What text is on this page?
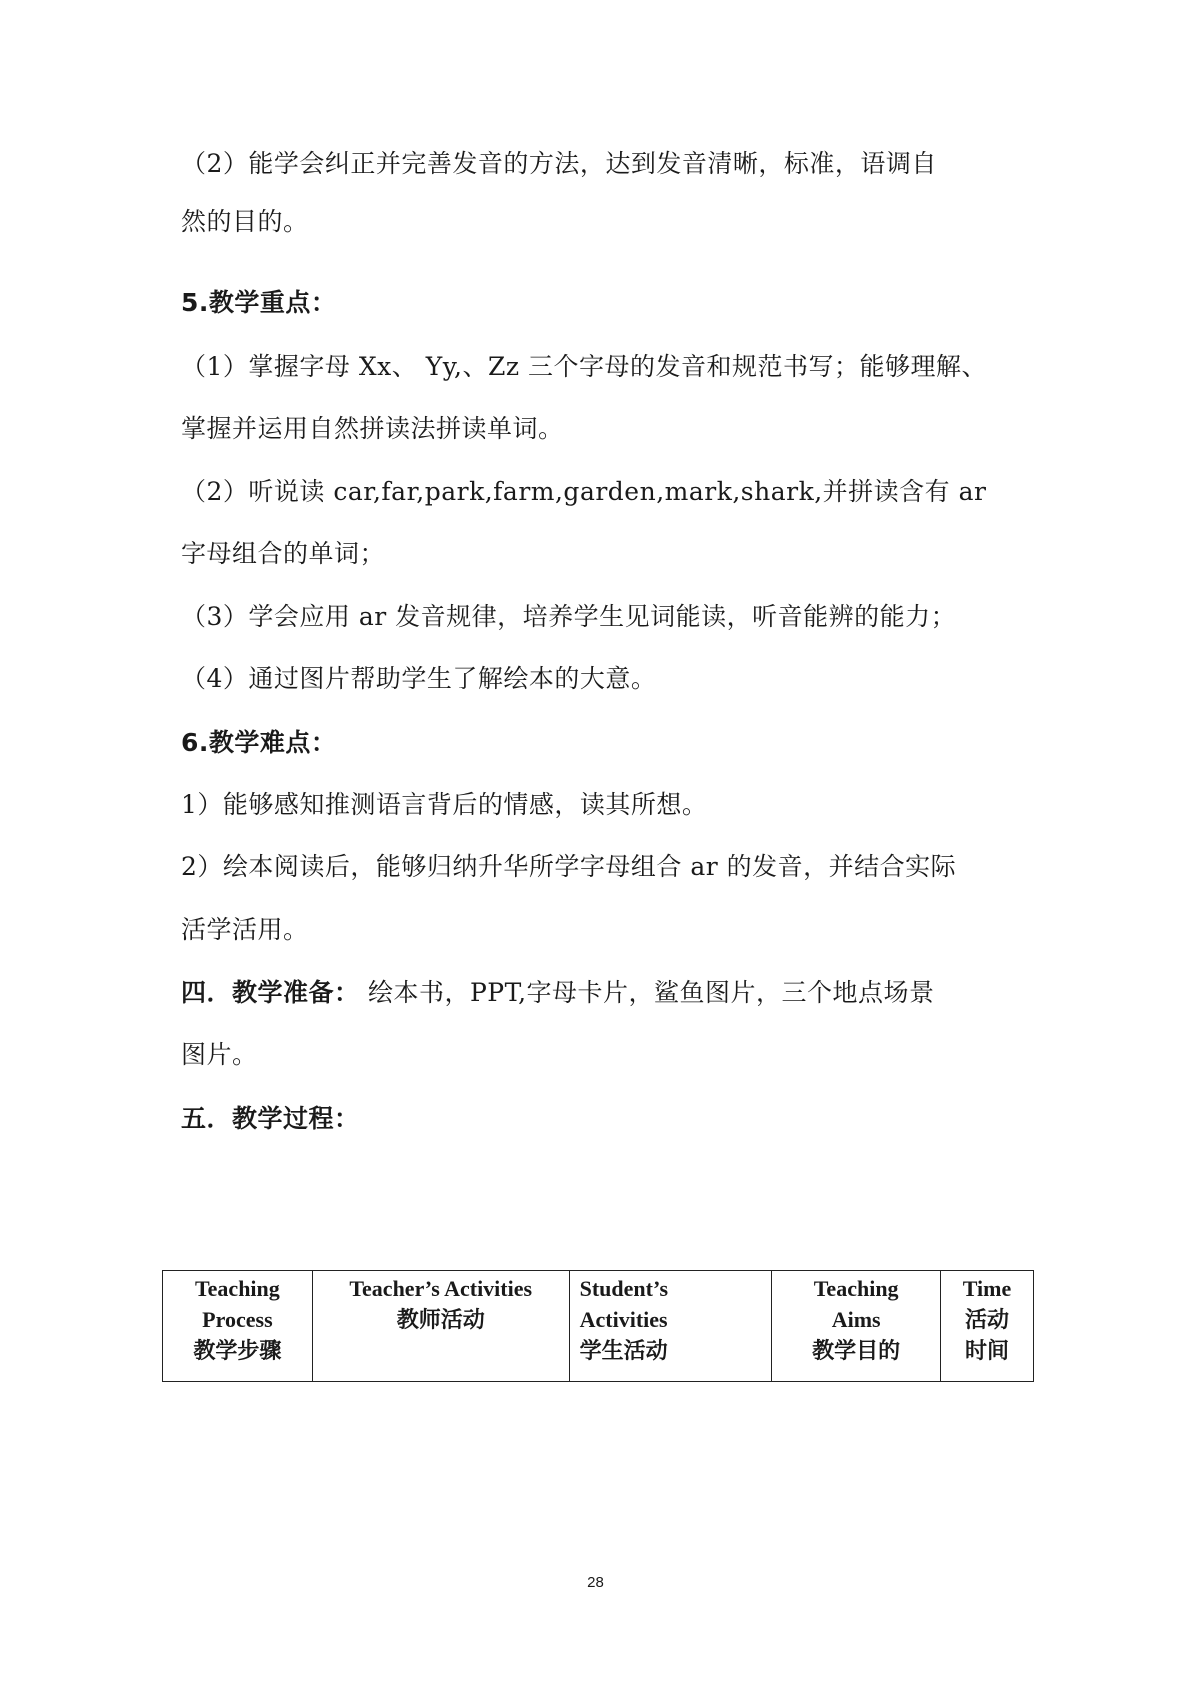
（2）能学会纠正并完善发音的方法，达到发音清晰，标准，语调自
然的目的。
5.教学重点：
（1）掌握字母 Xx、 Yy,、Zz 三个字母的发音和规范书写；能够理解、
掌握并运用自然拼读法拼读单词。
（2）听说读 car,far,park,farm,garden,mark,shark,并拼读含有 ar
字母组合的单词；
（3）学会应用 ar 发音规律，培养学生见词能读，听音能辨的能力；
（4）通过图片帮助学生了解绘本的大意。
6.教学难点：
1）能够感知推测语言背后的情感，读其所想。
2）绘本阅读后，能够归纳升华所学字母组合 ar 的发音，并结合实际
活学活用。
四．教学准备： 绘本书，PPT,字母卡片，鲨鱼图片，三个地点场景
图片。
五．教学过程：
Teaching
Process
教学步骤

Teacher’s Activities
教师活动

Student’s
Activities
学生活动

Teaching
Aims
教学目的

Time
活动
时间
28
